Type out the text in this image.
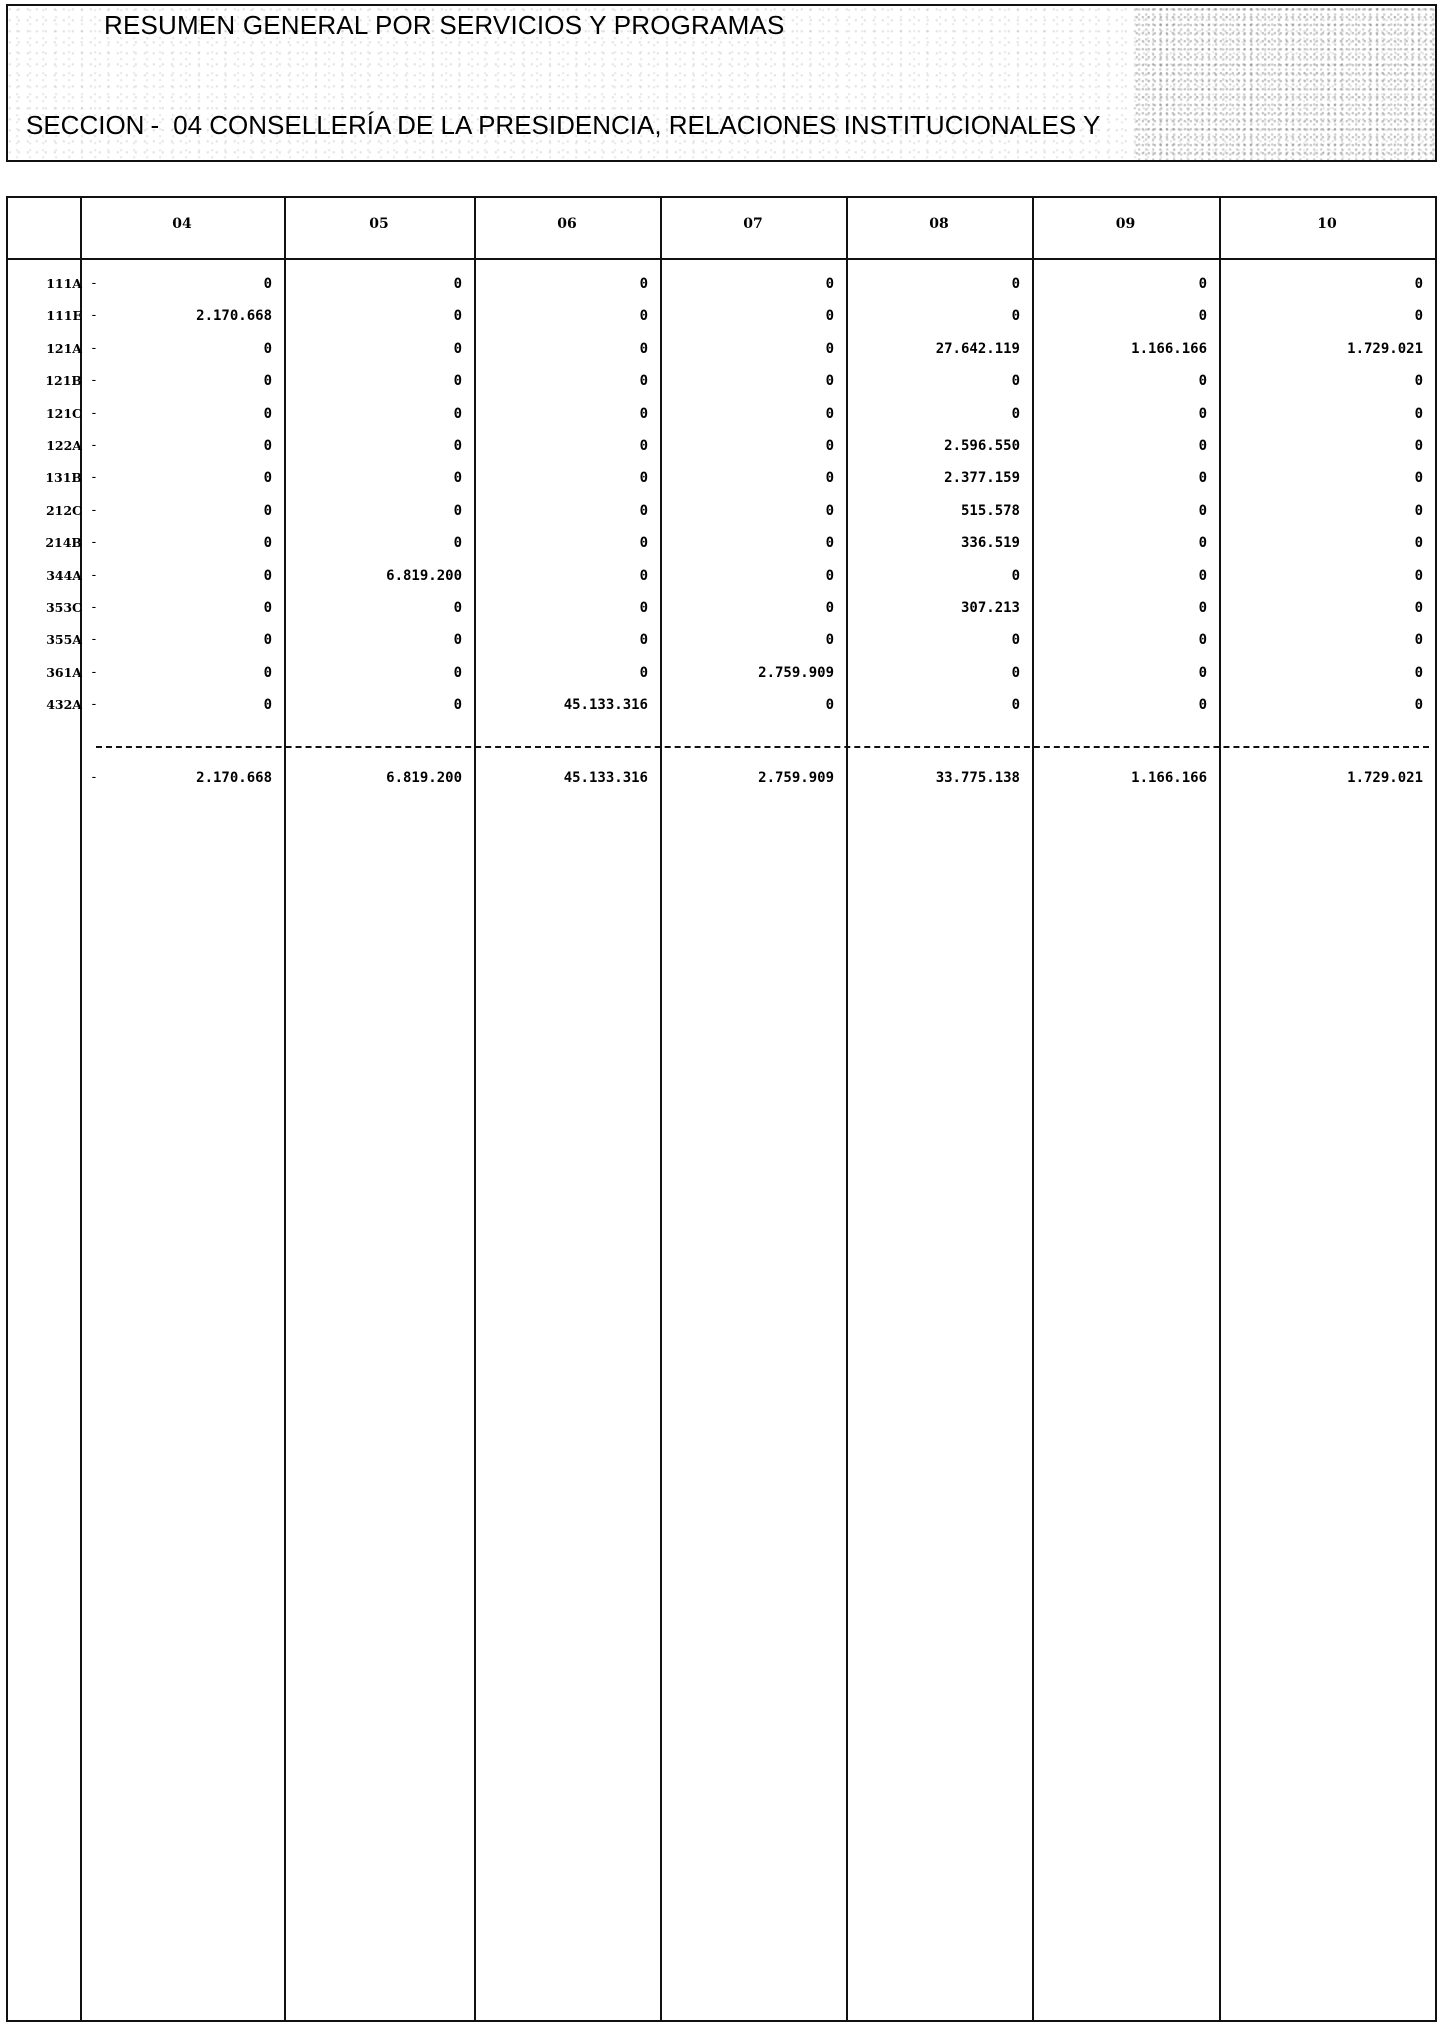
RESUMEN GENERAL POR SERVICIOS Y PROGRAMAS
SECCION - 04 CONSELLERÍA DE LA PRESIDENCIA, RELACIONES INSTITUCIONALES Y
04	05	06	07	08	09	10
111A -	0	0	0	0	0	0	0
111E -	2.170.668	0	0	0	0	0	0
121A -	0	0	0	0	27.642.119	1.166.166	1.729.021
121B -	0	0	0	0	0	0	0
121C -	0	0	0	0	0	0	0
122A -	0	0	0	0	2.596.550	0	0
131B -	0	0	0	0	2.377.159	0	0
212C -	0	0	0	0	515.578	0	0
214B -	0	0	0	0	336.519	0	0
344A -	0	6.819.200	0	0	0	0	0
353C -	0	0	0	0	307.213	0	0
355A -	0	0	0	0	0	0	0
361A -	0	0	0	2.759.909	0	0	0
432A -	0	0	45.133.316	0	0	0	0
-	2.170.668	6.819.200	45.133.316	2.759.909	33.775.138	1.166.166	1.729.021
